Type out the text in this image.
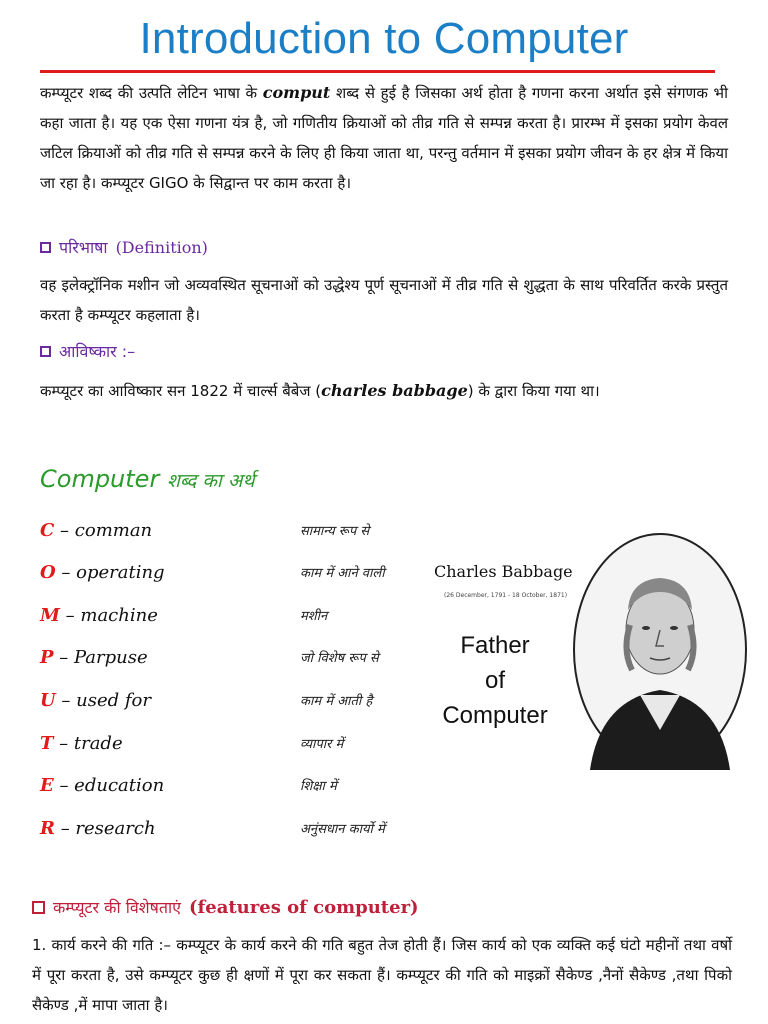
Introduction to Computer
कम्प्यूटर शब्द की उत्पति लेटिन भाषा के comput शब्द से हुई है जिसका अर्थ होता है गणना करना अर्थात इसे संगणक भी कहा जाता है। यह एक ऐसा गणना यंत्र है, जो गणितीय क्रियाओं को तीव्र गति से सम्पन्न करता है। प्रारम्भ में इसका प्रयोग केवल जटिल क्रियाओं को तीव्र गति से सम्पन्न करने के लिए ही किया जाता था, परन्तु वर्तमान में इसका प्रयोग जीवन के हर क्षेत्र में किया जा रहा है। कम्प्यूटर GIGO के सिद्वान्त पर काम करता है।
परिभाषा (Definition)
वह इलेक्ट्रॉनिक मशीन जो अव्यवस्थित सूचनाओं को उद्धेश्य पूर्ण सूचनाओं में तीव्र गति से शुद्धता के साथ परिवर्तित करके प्रस्तुत करता है कम्प्यूटर कहलाता है।
आविष्कार :–
कम्प्यूटर का आविष्कार सन 1822 में चार्ल्स बैबेज (charles babbage) के द्वारा किया गया था।
Computer शब्द का अर्थ
C – comman	सामान्य रूप से
O – operating	काम में आने वाली
M – machine	मशीन
P – Parpuse	जो विशेष रूप से
U – used for	काम में आती है
T – trade	व्यापार में
E – education	शिक्षा में
R – research	अनुंसधान कार्यो में
Charles Babbage
(26 December, 1791 - 18 October, 1871)
Father
of
Computer
कम्प्यूटर की विशेषताएं (features of computer)
1. कार्य करने की गति :– कम्प्यूटर के कार्य करने की गति बहुत तेज होती हैं। जिस कार्य को एक व्यक्ति कई घंटो महीनों तथा वर्षो में पूरा करता है, उसे कम्प्यूटर कुछ ही क्षणों में पूरा कर सकता हैं। कम्प्यूटर की गति को माइक्रों सैकेण्ड ,नैनों सैकेण्ड ,तथा पिको सैकेण्ड ,में मापा जाता है।
